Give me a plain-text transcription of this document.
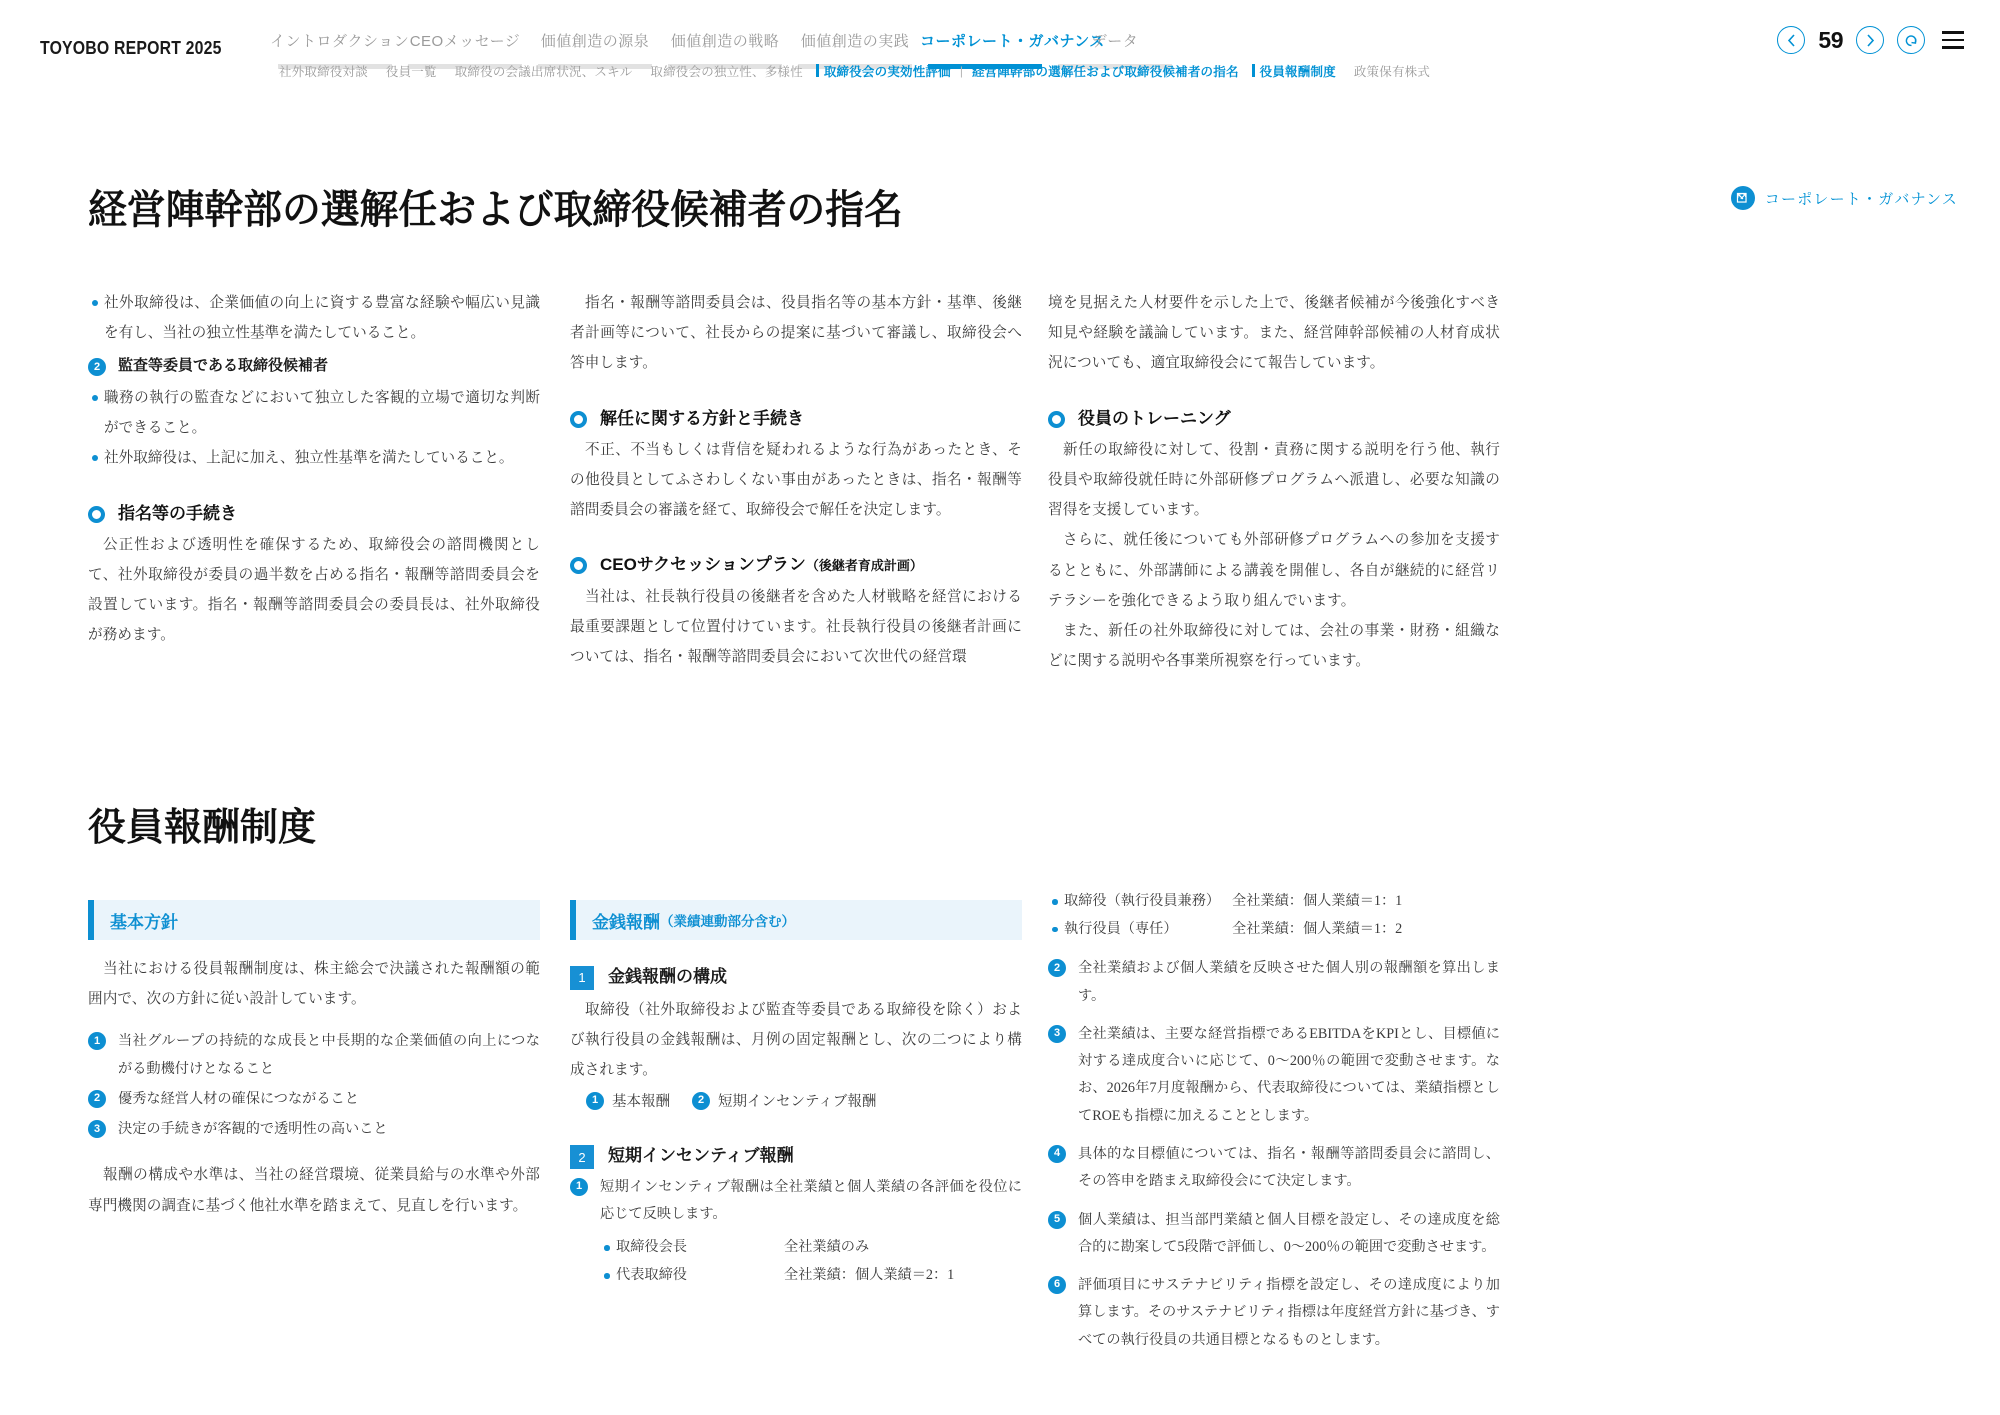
TOYOBO REPORT 2025	イントロダクション CEOメッセージ	価値創造の源泉	価値創造の戦略	価値創造の実践 コーポレート・ガバナンス
データ
社外取締役対談	役員一覧	取締役の会議出席状況、スキル	取締役会の独立性、多様性	取締役会の実効性評価 | 経営陣幹部の選解任および取締役候補者の指名	役員報酬制度	政策保有株式
59
経営陣幹部の選解任および取締役候補者の指名	コーポレート・ガバナンス
社外取締役は、企業価値の向上に資する豊富な経験や幅広い見識を有し、当社の独立性基準を満たしていること。
2	監査等委員である取締役候補者
職務の執行の監査などにおいて独立した客観的立場で適切な判断ができること。
社外取締役は、上記に加え、独立性基準を満たしていること。
指名等の手続き
公正性および透明性を確保するため、取締役会の諮問機関として、社外取締役が委員の過半数を占める指名・報酬等諮問委員会を設置しています。指名・報酬等諮問委員会の委員長は、社外取締役が務めます。
指名・報酬等諮問委員会は、役員指名等の基本方針・基準、後継者計画等について、社長からの提案に基づいて審議し、取締役会へ答申します。
解任に関する方針と手続き
不正、不当もしくは背信を疑われるような行為があったとき、その他役員としてふさわしくない事由があったときは、指名・報酬等諮問委員会の審議を経て、取締役会で解任を決定します。
CEOサクセッションプラン（後継者育成計画）
当社は、社長執行役員の後継者を含めた人材戦略を経営における最重要課題として位置付けています。社長執行役員の後継者計画については、指名・報酬等諮問委員会において次世代の経営環
境を見据えた人材要件を示した上で、後継者候補が今後強化すべき知見や経験を議論しています。また、経営陣幹部候補の人材育成状況についても、適宜取締役会にて報告しています。
役員のトレーニング
新任の取締役に対して、役割・責務に関する説明を行う他、執行役員や取締役就任時に外部研修プログラムへ派遣し、必要な知識の習得を支援しています。
さらに、就任後についても外部研修プログラムへの参加を支援するとともに、外部講師による講義を開催し、各自が継続的に経営リテラシーを強化できるよう取り組んでいます。
また、新任の社外取締役に対しては、会社の事業・財務・組織などに関する説明や各事業所視察を行っています。
役員報酬制度
基本方針
当社における役員報酬制度は、株主総会で決議された報酬額の範囲内で、次の方針に従い設計しています。
1	当社グループの持続的な成長と中長期的な企業価値の向上につながる動機付けとなること
2	優秀な経営人材の確保につながること
3	決定の手続きが客観的で透明性の高いこと
報酬の構成や水準は、当社の経営環境、従業員給与の水準や外部専門機関の調査に基づく他社水準を踏まえて、見直しを行います。
金銭報酬 （業績連動部分含む）
1	金銭報酬の構成
取締役（社外取締役および監査等委員である取締役を除く）および執行役員の金銭報酬は、月例の固定報酬とし、次の二つにより構成されます。
1 基本報酬	2 短期インセンティブ報酬
2	短期インセンティブ報酬
1	短期インセンティブ報酬は全社業績と個人業績の各評価を役位に応じて反映します。
取締役会長	全社業績のみ
代表取締役	全社業績：個人業績＝2：1
取締役（執行役員兼務） 全社業績：個人業績＝1：1
執行役員（専任）	全社業績：個人業績＝1：2
2	全社業績および個人業績を反映させた個人別の報酬額を算出します。
3	全社業績は、主要な経営指標であるEBITDAをKPIとし、目標値に対する達成度合いに応じて、0〜200％の範囲で変動させます。なお、2026年7月度報酬から、代表取締役については、業績指標としてROEも指標に加えることとします。
4	具体的な目標値については、指名・報酬等諮問委員会に諮問し、その答申を踏まえ取締役会にて決定します。
5	個人業績は、担当部門業績と個人目標を設定し、その達成度を総合的に勘案して5段階で評価し、0〜200％の範囲で変動させます。
6	評価項目にサステナビリティ指標を設定し、その達成度により加算します。そのサステナビリティ指標は年度経営方針に基づき、すべての執行役員の共通目標となるものとします。
